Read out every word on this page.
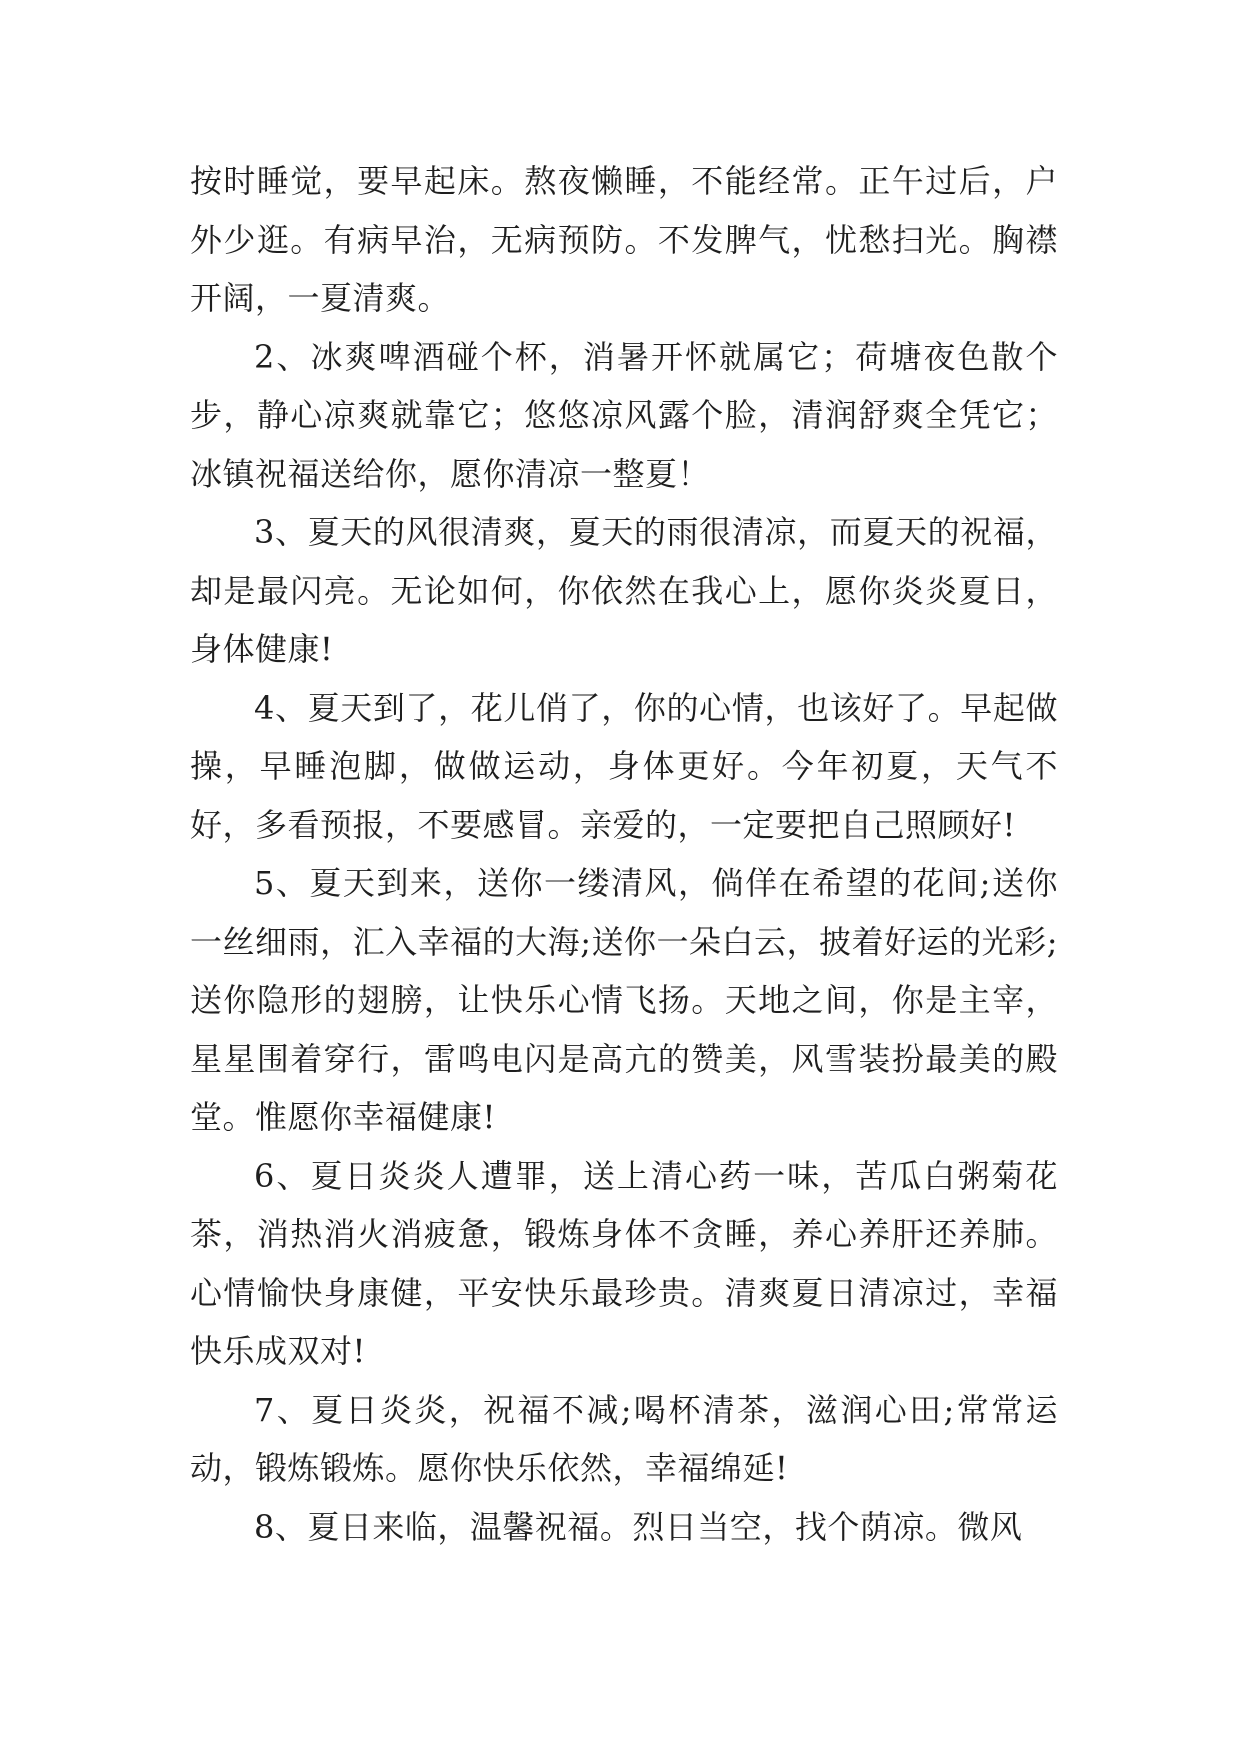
按时睡觉，要早起床。熬夜懒睡，不能经常。正午过后，户外少逛。有病早治，无病预防。不发脾气，忧愁扫光。胸襟开阔，一夏清爽。

2、冰爽啤酒碰个杯，消暑开怀就属它；荷塘夜色散个步，静心凉爽就靠它；悠悠凉风露个脸，清润舒爽全凭它；冰镇祝福送给你，愿你清凉一整夏！

3、夏天的风很清爽，夏天的雨很清凉，而夏天的祝福，却是最闪亮。无论如何，你依然在我心上，愿你炎炎夏日，身体健康!

4、夏天到了，花儿俏了，你的心情，也该好了。早起做操，早睡泡脚，做做运动，身体更好。今年初夏，天气不好，多看预报，不要感冒。亲爱的，一定要把自己照顾好!

5、夏天到来，送你一缕清风，倘佯在希望的花间;送你一丝细雨，汇入幸福的大海;送你一朵白云，披着好运的光彩;送你隐形的翅膀，让快乐心情飞扬。天地之间，你是主宰，星星围着穿行，雷鸣电闪是高亢的赞美，风雪装扮最美的殿堂。惟愿你幸福健康!

6、夏日炎炎人遭罪，送上清心药一味，苦瓜白粥菊花茶，消热消火消疲惫，锻炼身体不贪睡，养心养肝还养肺。心情愉快身康健，平安快乐最珍贵。清爽夏日清凉过，幸福快乐成双对!

7、夏日炎炎，祝福不减;喝杯清茶，滋润心田;常常运动，锻炼锻炼。愿你快乐依然，幸福绵延!

8、夏日来临，温馨祝福。烈日当空，找个荫凉。微风
